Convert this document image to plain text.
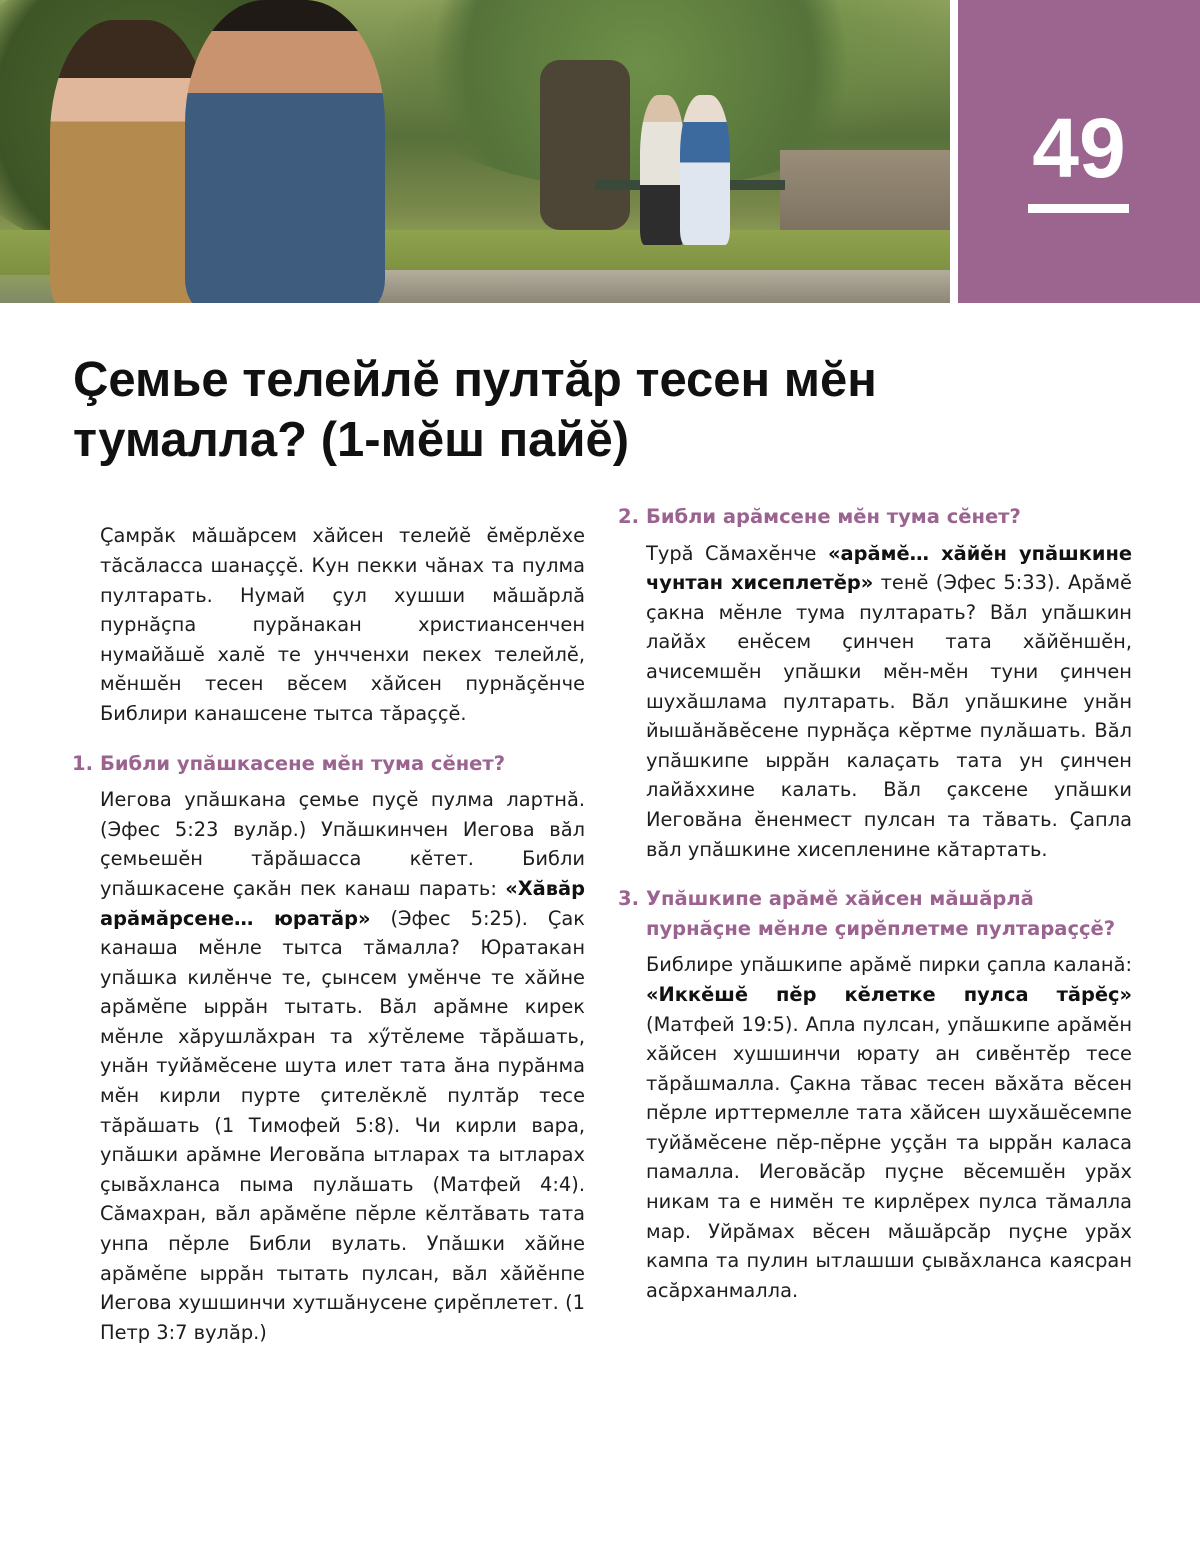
49
Çемье телейлĕ пултăр тесен мĕн тумалла? (1-мĕш пайĕ)

Çамрăк мăшăрсем хăйсен телейĕ ĕмĕрлĕхе тăсăласса шанаççĕ. Кун пекки чăнах та пулма пултарать. Нумай çул хушши мăшăрлă пурнăçпа пурăнакан христиансенчен нумайăшĕ халĕ те унчченхи пекех телейлĕ, мĕншĕн тесен вĕсем хăйсен пурнăçĕнче Библири канашсене тытса тăраççĕ.

1. Библи упăшкасене мĕн тума сĕнет?

Иегова упăшкана çемье пуçĕ пулма лартнă. (Эфес 5:23 вулăр.) Упăшкинчен Иегова вăл çемьешĕн тăрăшасса кĕтет. Библи упăшкасене çакăн пек канаш парать: «Хăвăр арăмăрсене… юратăр» (Эфес 5:25). Çак канаша мĕнле тытса тăмалла? Юратакан упăшка килĕнче те, çынсем умĕнче те хăйне арăмĕпе ыррăн тытать. Вăл арăмне кирек мĕнле хăрушлăхран та хӳтĕлеме тăрăшать, унăн туйăмĕсене шута илет тата ăна пурăнма мĕн кирли пурте çителĕклĕ пултăр тесе тăрăшать (1 Тимофей 5:8). Чи кирли вара, упăшки арăмне Иеговăпа ытларах та ытларах çывăхланса пыма пулăшать (Матфей 4:4). Сăмахран, вăл арăмĕпе пĕрле кĕлтăвать тата унпа пĕрле Библи вулать. Упăшки хăйне арăмĕпе ыррăн тытать пулсан, вăл хăйĕнпе Иегова хушшинчи хутшăнусене çирĕплетет. (1 Петр 3:7 вулăр.)

2. Библи арăмсене мĕн тума сĕнет?

Турă Сăмахĕнче «арăмĕ… хăйĕн упăшкине чунтан хисеплетĕр» тенĕ (Эфес 5:33). Арăмĕ çакна мĕнле тума пултарать? Вăл упăшкин лайăх енĕсем çинчен тата хăйĕншĕн, ачисемшĕн упăшки мĕн-мĕн туни çинчен шухăшлама пултарать. Вăл упăшкине унăн йышăнăвĕсене пурнăçа кĕртме пулăшать. Вăл упăшкипе ыррăн калаçать тата ун çинчен лайăххине калать. Вăл çаксене упăшки Иеговăна ĕненмест пулсан та тăвать. Çапла вăл упăшкине хисепленине кăтартать.

3. Упăшкипе арăмĕ хăйсен мăшăрлă пурнăçне мĕнле çирĕплетме пултараççĕ?

Библире упăшкипе арăмĕ пирки çапла каланă: «Иккĕшĕ пĕр кĕлетке пулса тăрĕç» (Матфей 19:5). Апла пулсан, упăшкипе арăмĕн хăйсен хушшинчи юрату ан сивĕнтĕр тесе тăрăшмалла. Çакна тăвас тесен вăхăта вĕсен пĕрле ирттермелле тата хăйсен шухăшĕсемпе туйăмĕсене пĕр-пĕрне уççăн та ыррăн каласа памалла. Иеговăсăр пуçне вĕсемшĕн урăх никам та е нимĕн те кирлĕрех пулса тăмалла мар. Уйрăмах вĕсен мăшăрсăр пуçне урăх кампа та пулин ытлашши çывăхланса каясран асăрханмалла.
